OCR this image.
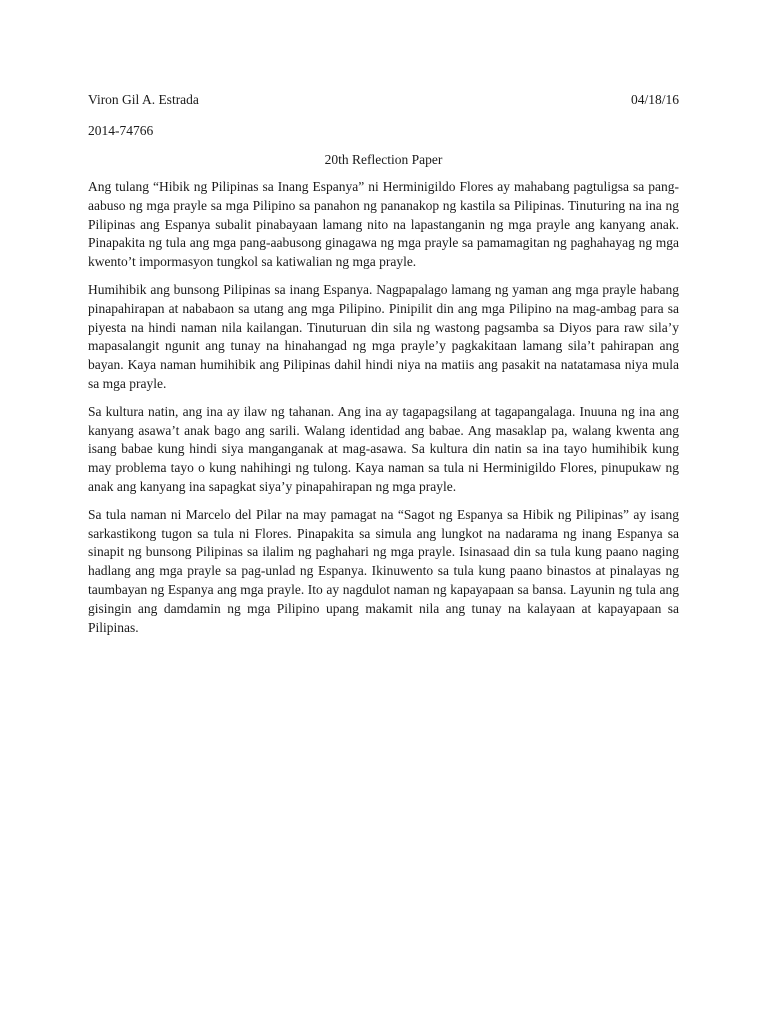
Viron Gil A. Estrada	04/18/16
2014-74766
20th Reflection Paper

Ang tulang “Hibik ng Pilipinas sa Inang Espanya” ni Herminigildo Flores ay mahabang pagtuligsa sa pang-aabuso ng mga prayle sa mga Pilipino sa panahon ng pananakop ng kastila sa Pilipinas. Tinuturing na ina ng Pilipinas ang Espanya subalit pinabayaan lamang nito na lapastanganin ng mga prayle ang kanyang anak. Pinapakita ng tula ang mga pang-aabusong ginagawa ng mga prayle sa pamamagitan ng paghahayag ng mga kwento’t impormasyon tungkol sa katiwalian ng mga prayle.

Humihibik ang bunsong Pilipinas sa inang Espanya. Nagpapalago lamang ng yaman ang mga prayle habang pinapahirapan at nababaon sa utang ang mga Pilipino. Pinipilit din ang mga Pilipino na mag-ambag para sa piyesta na hindi naman nila kailangan. Tinuturuan din sila ng wastong pagsamba sa Diyos para raw sila’y mapasalangit ngunit ang tunay na hinahangad ng mga prayle’y pagkakitaan lamang sila’t pahirapan ang bayan. Kaya naman humihibik ang Pilipinas dahil hindi niya na matiis ang pasakit na natatamasa niya mula sa mga prayle.

Sa kultura natin, ang ina ay ilaw ng tahanan. Ang ina ay tagapagsilang at tagapangalaga. Inuuna ng ina ang kanyang asawa’t anak bago ang sarili. Walang identidad ang babae. Ang masaklap pa, walang kwenta ang isang babae kung hindi siya manganganak at mag-asawa. Sa kultura din natin sa ina tayo humihibik kung may problema tayo o kung nahihingi ng tulong. Kaya naman sa tula ni Herminigildo Flores, pinupukaw ng anak ang kanyang ina sapagkat siya’y pinapahirapan ng mga prayle.

Sa tula naman ni Marcelo del Pilar na may pamagat na “Sagot ng Espanya sa Hibik ng Pilipinas” ay isang sarkastikong tugon sa tula ni Flores. Pinapakita sa simula ang lungkot na nadarama ng inang Espanya sa sinapit ng bunsong Pilipinas sa ilalim ng paghahari ng mga prayle. Isinasaad din sa tula kung paano naging hadlang ang mga prayle sa pag-unlad ng Espanya. Ikinuwento sa tula kung paano binastos at pinalayas ng taumbayan ng Espanya ang mga prayle. Ito ay nagdulot naman ng kapayapaan sa bansa. Layunin ng tula ang gisingin ang damdamin ng mga Pilipino upang makamit nila ang tunay na kalayaan at kapayapaan sa Pilipinas.
